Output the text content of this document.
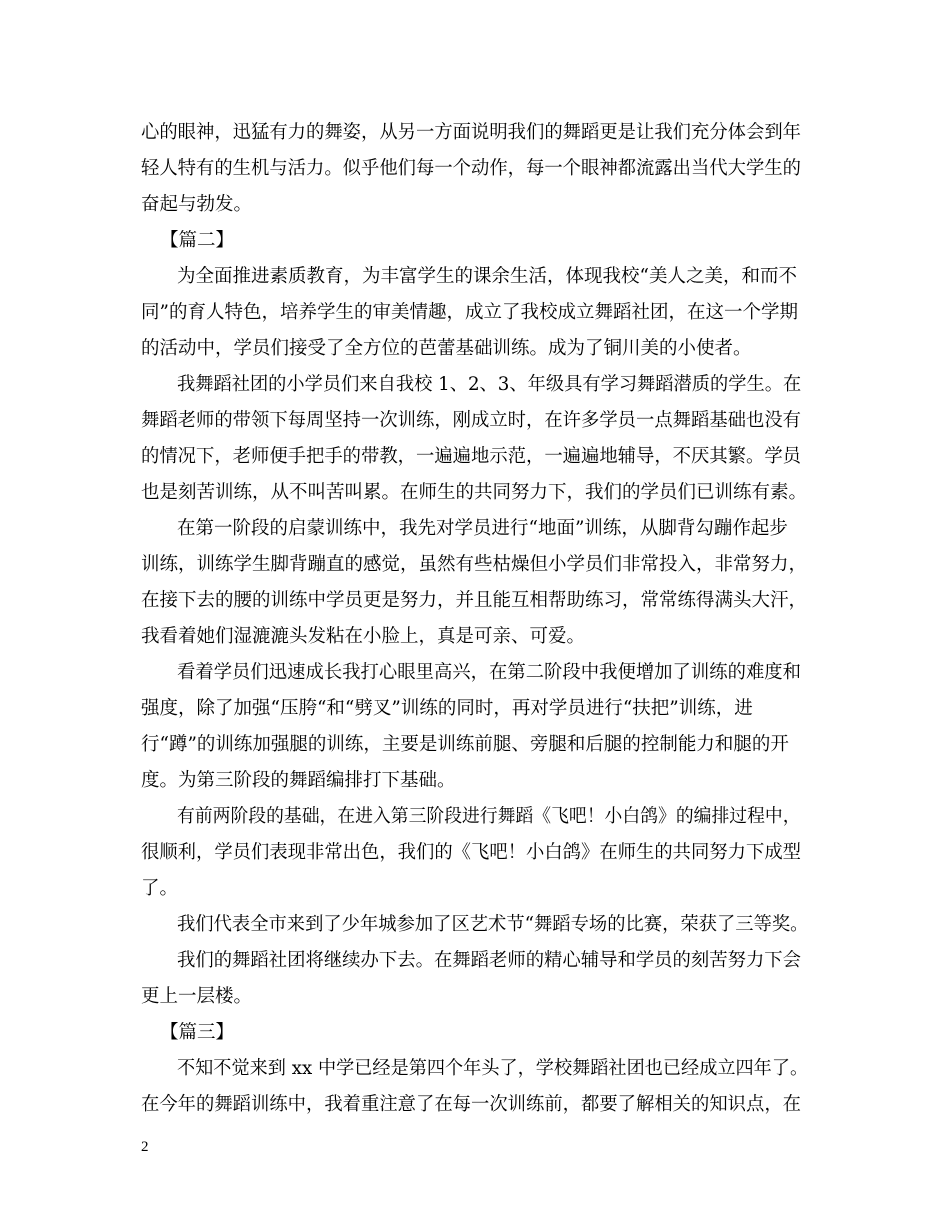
心的眼神，迅猛有力的舞姿，从另一方面说明我们的舞蹈更是让我们充分体会到年
轻人特有的生机与活力。似乎他们每一个动作，每一个眼神都流露出当代大学生的
奋起与勃发。
【篇二】
为全面推进素质教育，为丰富学生的课余生活，体现我校“美人之美，和而不
同”的育人特色，培养学生的审美情趣，成立了我校成立舞蹈社团，在这一个学期
的活动中，学员们接受了全方位的芭蕾基础训练。成为了铜川美的小使者。
我舞蹈社团的小学员们来自我校 1、2、3、年级具有学习舞蹈潜质的学生。在
舞蹈老师的带领下每周坚持一次训练，刚成立时，在许多学员一点舞蹈基础也没有
的情况下，老师便手把手的带教，一遍遍地示范，一遍遍地辅导，不厌其繁。学员
也是刻苦训练，从不叫苦叫累。在师生的共同努力下，我们的学员们已训练有素。
在第一阶段的启蒙训练中，我先对学员进行“地面”训练，从脚背勾蹦作起步
训练，训练学生脚背蹦直的感觉，虽然有些枯燥但小学员们非常投入，非常努力，
在接下去的腰的训练中学员更是努力，并且能互相帮助练习，常常练得满头大汗，
我看着她们湿漉漉头发粘在小脸上，真是可亲、可爱。
看着学员们迅速成长我打心眼里高兴，在第二阶段中我便增加了训练的难度和
强度，除了加强“压胯“和“劈叉”训练的同时，再对学员进行“扶把”训练，进
行“蹲”的训练加强腿的训练，主要是训练前腿、旁腿和后腿的控制能力和腿的开
度。为第三阶段的舞蹈编排打下基础。
有前两阶段的基础，在进入第三阶段进行舞蹈《飞吧！小白鸽》的编排过程中，
很顺利，学员们表现非常出色，我们的《飞吧！小白鸽》在师生的共同努力下成型
了。
我们代表全市来到了少年城参加了区艺术节“舞蹈专场的比赛，荣获了三等奖。
我们的舞蹈社团将继续办下去。在舞蹈老师的精心辅导和学员的刻苦努力下会
更上一层楼。
【篇三】
不知不觉来到 xx 中学已经是第四个年头了，学校舞蹈社团也已经成立四年了。
在今年的舞蹈训练中，我着重注意了在每一次训练前，都要了解相关的知识点，在
2
